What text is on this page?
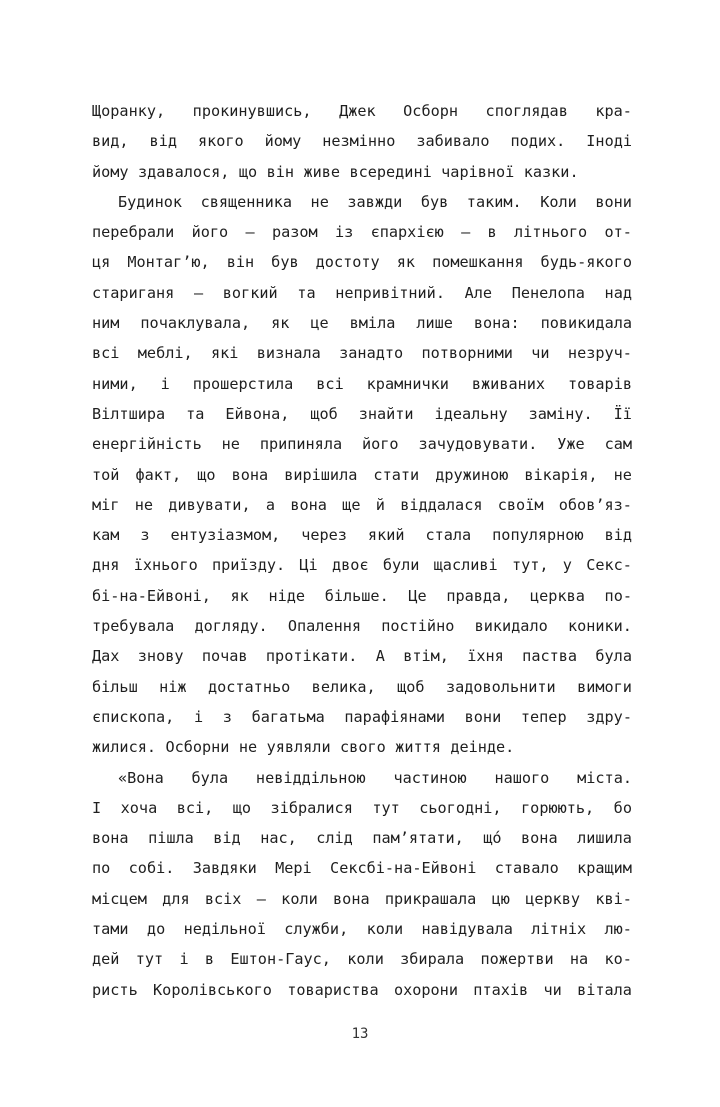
Щоранку, прокинувшись, Джек Осборн споглядав кра-
вид, від якого йому незмінно забивало подих. Іноді
йому здавалося, що він живе всередині чарівної казки.
Будинок священника не завжди був таким. Коли вони
перебрали його — разом із єпархією — в літнього от-
ця Монтаг’ю, він був достоту як помешкання будь-якого
стариганя — вогкий та непривітний. Але Пенелопа над
ним почаклувала, як це вміла лише вона: повикидала
всі меблі, які визнала занадто потворними чи незруч-
ними, і прошерстила всі крамнички вживаних товарів
Вілтшира та Ейвона, щоб знайти ідеальну заміну. Її
енергійність не припиняла його зачудовувати. Уже сам
той факт, що вона вирішила стати дружиною вікарія, не
міг не дивувати, а вона ще й віддалася своїм обов’яз-
кам з ентузіазмом, через який стала популярною від
дня їхнього приїзду. Ці двоє були щасливі тут, у Секс-
бі-на-Ейвоні, як ніде більше. Це правда, церква по-
требувала догляду. Опалення постійно викидало коники.
Дах знову почав протікати. А втім, їхня паства була
більш ніж достатньо велика, щоб задовольнити вимоги
єпископа, і з багатьма парафіянами вони тепер здру-
жилися. Осборни не уявляли свого життя деінде.
«Вона була невіддільною частиною нашого міста.
І хоча всі, що зібралися тут сьогодні, горюють, бо
вона пішла від нас, слід пам’ятати, що́ вона лишила
по собі. Завдяки Мері Сексбі-на-Ейвоні ставало кращим
місцем для всіх — коли вона прикрашала цю церкву кві-
тами до недільної служби, коли навідувала літніх лю-
дей тут і в Ештон-Гаус, коли збирала пожертви на ко-
ристь Королівського товариства охорони птахів чи вітала
13
